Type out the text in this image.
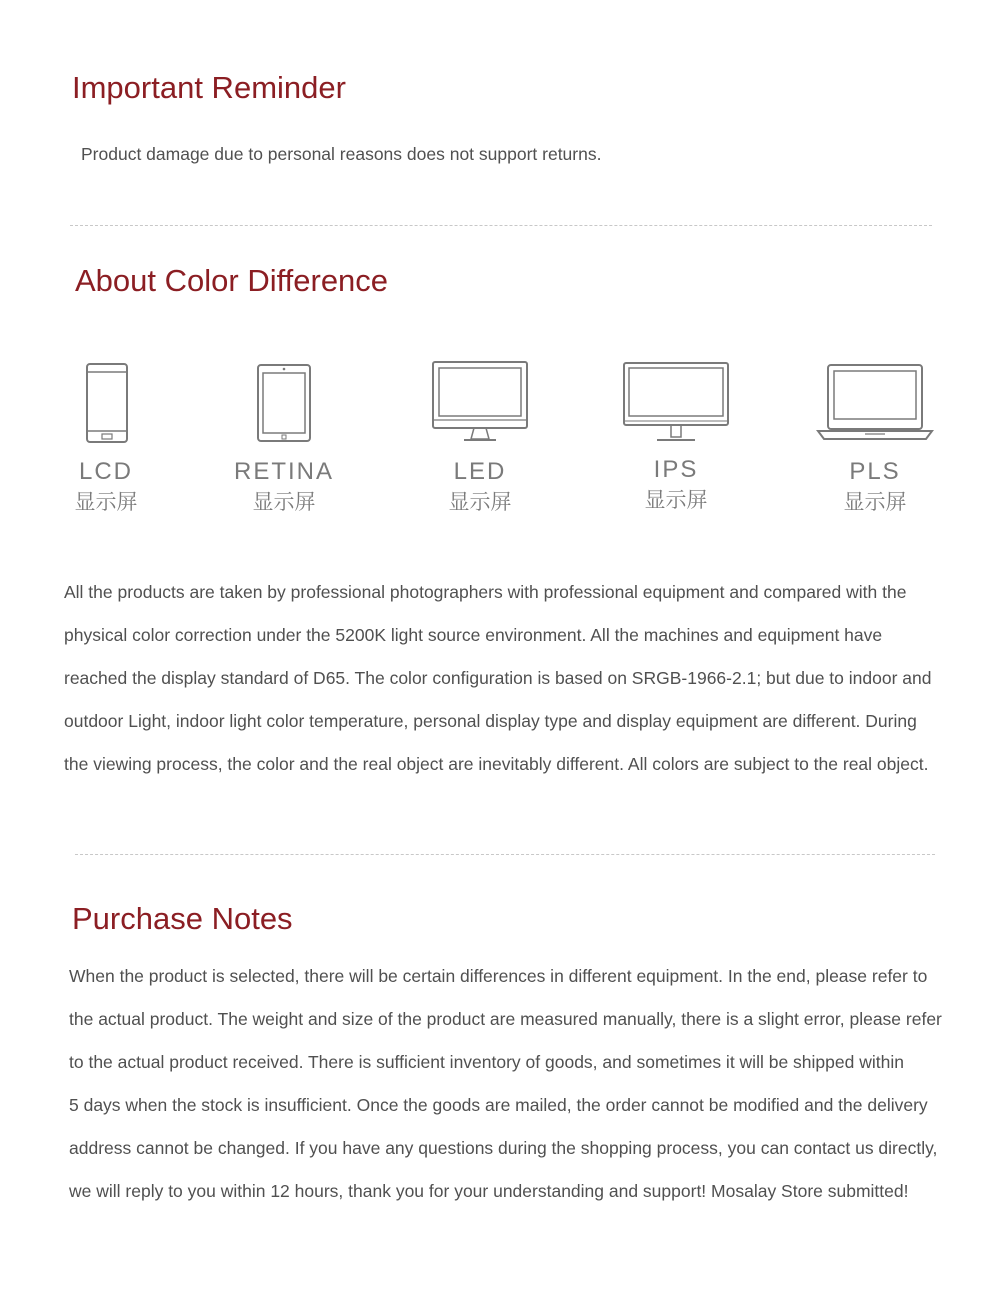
Important Reminder

Product damage due to personal reasons does not support returns.

About Color Difference
LCD
显示屏
RETINA
显示屏
LED
显示屏
IPS
显示屏
PLS
显示屏

All the products are taken by professional photographers with professional equipment and compared with the

physical color correction under the 5200K light source environment. All the machines and equipment have

reached the display standard of D65. The color configuration is based on SRGB-1966-2.1; but due to indoor and

outdoor Light, indoor light color temperature, personal display type and display equipment are different. During

the viewing process, the color and the real object are inevitably different. All colors are subject to the real object.

Purchase Notes

When the product is selected, there will be certain differences in different equipment. In the end, please refer to

the actual product. The weight and size of the product are measured manually, there is a slight error, please refer

to the actual product received. There is sufficient inventory of goods, and sometimes it will be shipped within

5 days when the stock is insufficient. Once the goods are mailed, the order cannot be modified and the delivery

address cannot be changed. If you have any questions during the shopping process, you can contact us directly,

we will reply to you within 12 hours, thank you for your understanding and support! Mosalay Store submitted!
